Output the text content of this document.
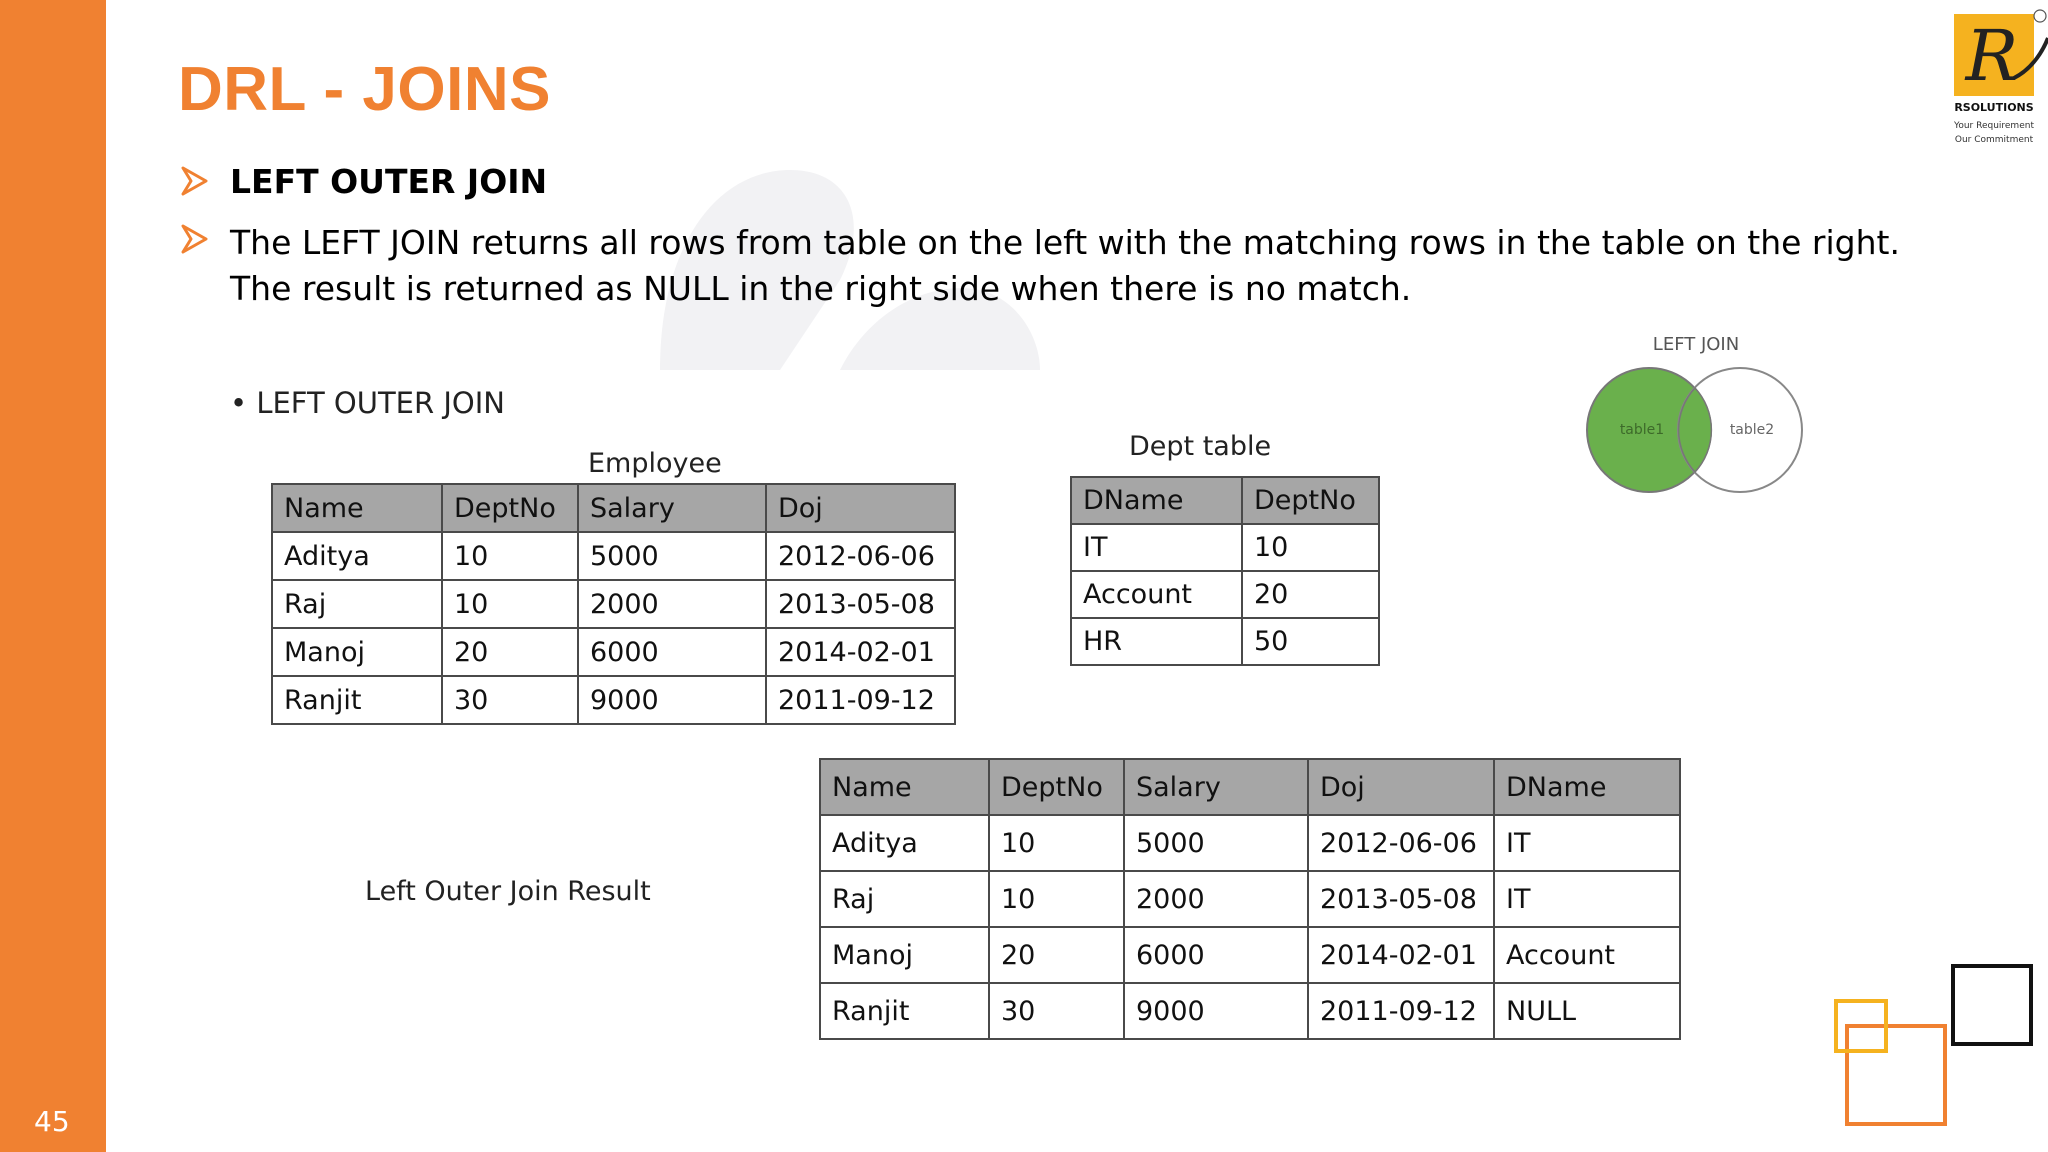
45
DRL - JOINS
LEFT OUTER JOIN
The LEFT JOIN returns all rows from table on the left with the matching rows in the table on the right.
The result is returned as NULL in the right side when there is no match.
• LEFT OUTER JOIN
LEFT JOIN
table1	table2
Employee
Name	DeptNo	Salary	Doj
Aditya	10	5000	2012-06-06
Raj	10	2000	2013-05-08
Manoj	20	6000	2014-02-01
Ranjit	30	9000	2011-09-12
Dept table
DName	DeptNo
IT	10
Account	20
HR	50
Left Outer Join Result
Name	DeptNo	Salary	Doj	DName
Aditya	10	5000	2012-06-06	IT
Raj	10	2000	2013-05-08	IT
Manoj	20	6000	2014-02-01	Account
Ranjit	30	9000	2011-09-12	NULL
R
RSOLUTIONS
Your Requirement
Our Commitment
